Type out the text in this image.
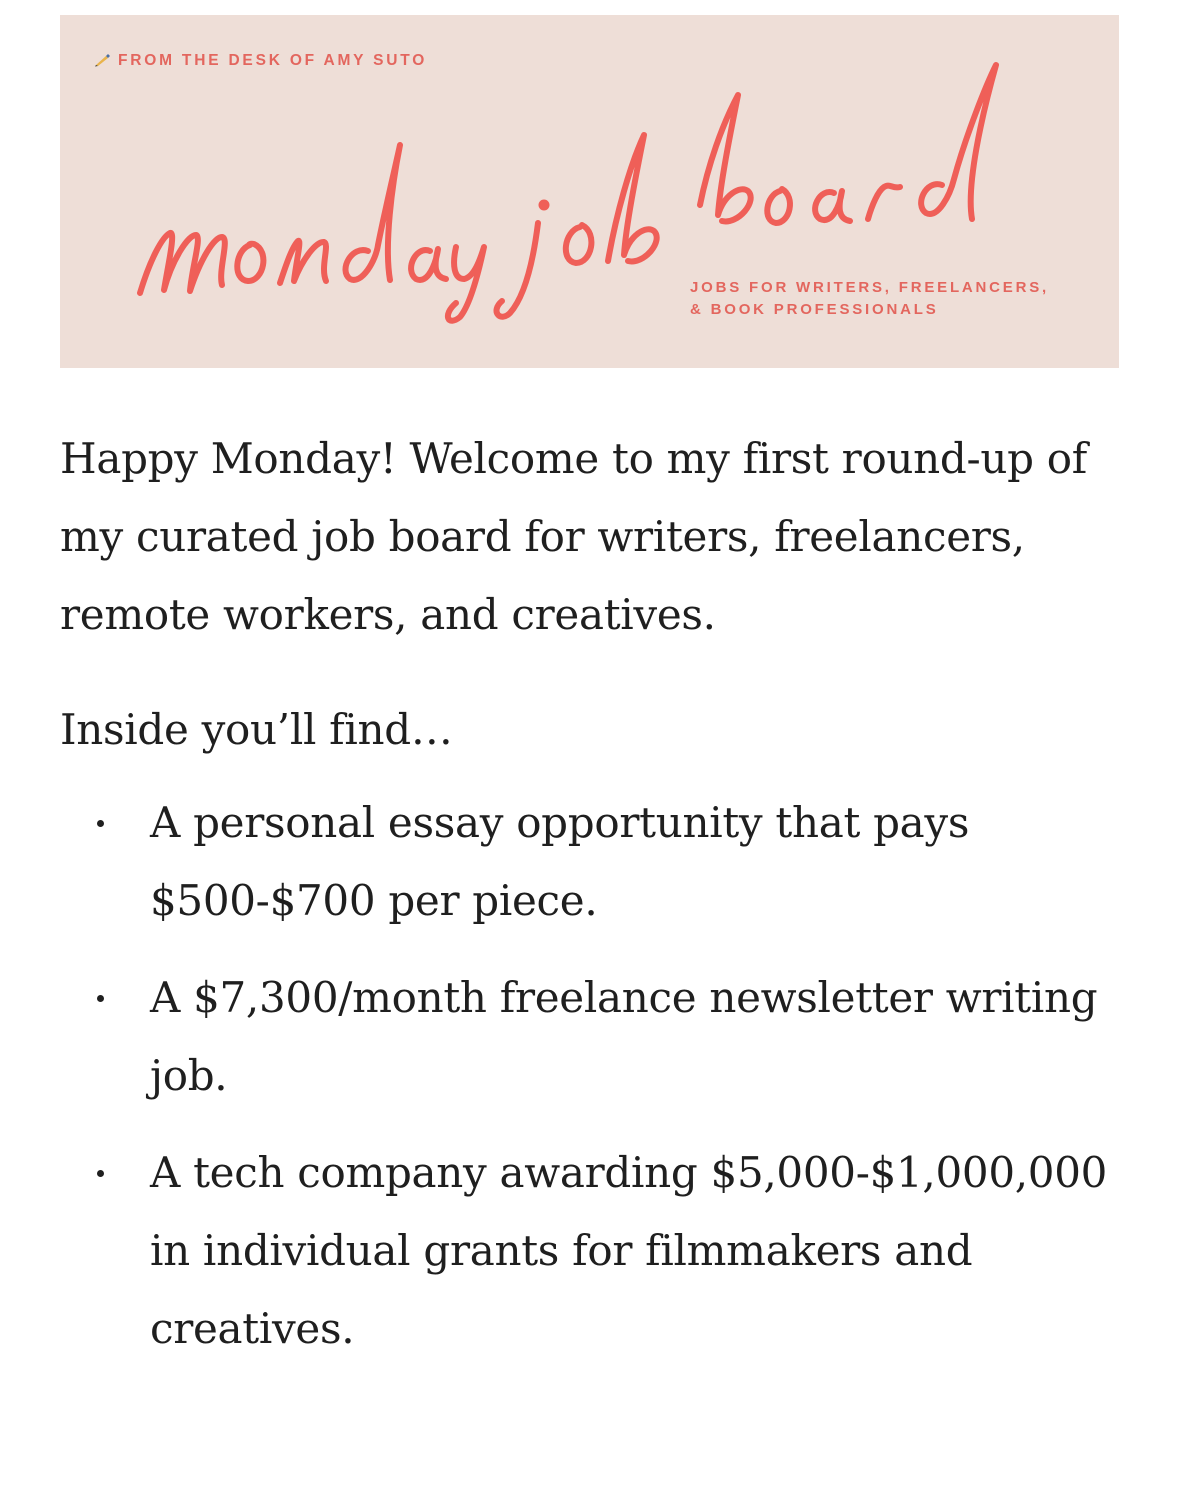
FROM THE DESK OF AMY SUTO
JOBS FOR WRITERS, FREELANCERS,
& BOOK PROFESSIONALS

Happy Monday! Welcome to my first round-up of my curated job board for writers, freelancers, remote workers, and creatives.

Inside you’ll find…

A personal essay opportunity that pays $500-$700 per piece.
A $7,300/month freelance newsletter writing job.
A tech company awarding $5,000-$1,000,000 in individual grants for filmmakers and creatives.
